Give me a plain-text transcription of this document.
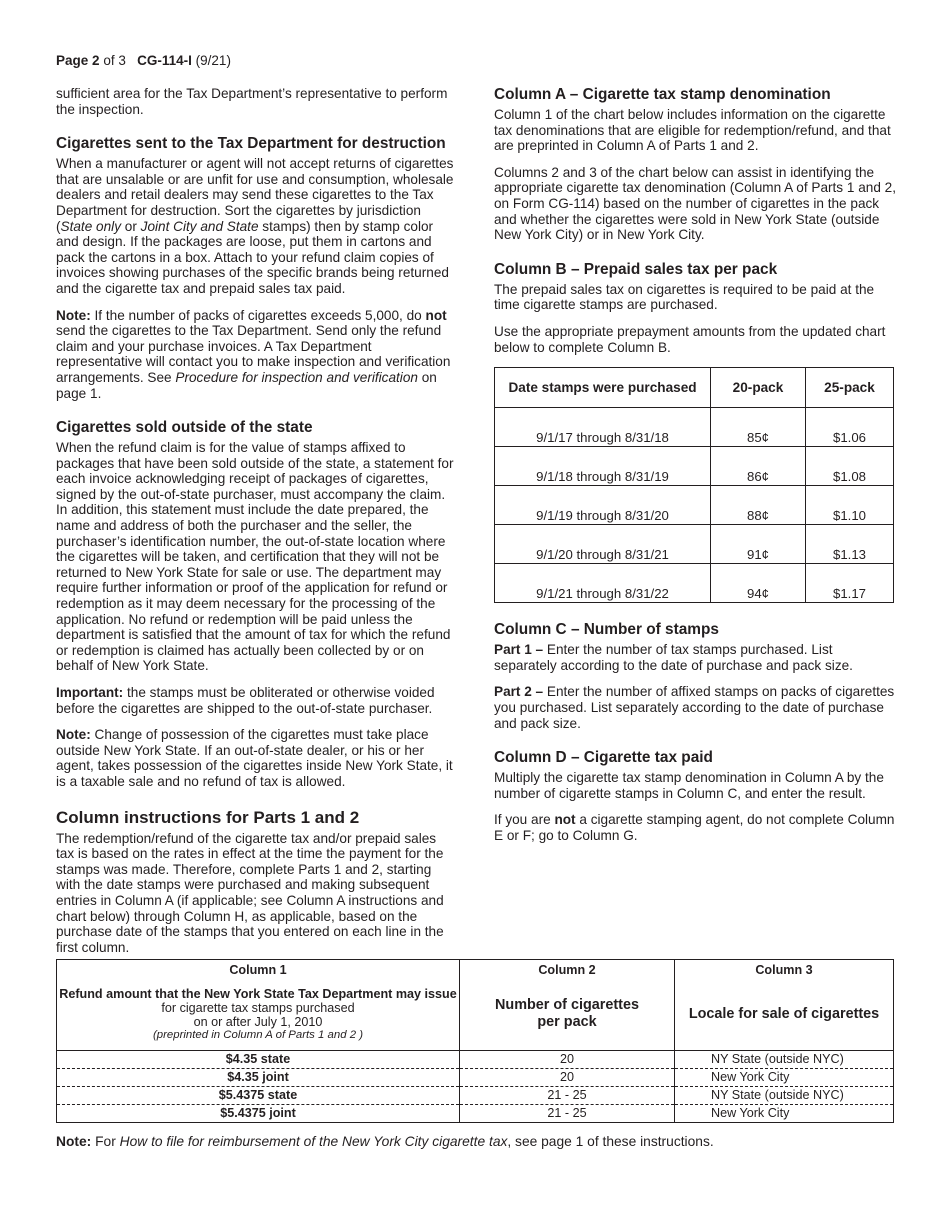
Page 2 of 3 CG-114-I (9/21)

sufficient area for the Tax Department’s representative to perform the inspection.

Cigarettes sent to the Tax Department for destruction

When a manufacturer or agent will not accept returns of cigarettes that are unsalable or are unfit for use and consumption, wholesale dealers and retail dealers may send these cigarettes to the Tax Department for destruction. Sort the cigarettes by jurisdiction (State only or Joint City and State stamps) then by stamp color and design. If the packages are loose, put them in cartons and pack the cartons in a box. Attach to your refund claim copies of invoices showing purchases of the specific brands being returned and the cigarette tax and prepaid sales tax paid.

Note: If the number of packs of cigarettes exceeds 5,000, do not send the cigarettes to the Tax Department. Send only the refund claim and your purchase invoices. A Tax Department representative will contact you to make inspection and verification arrangements. See Procedure for inspection and verification on page 1.

Cigarettes sold outside of the state

When the refund claim is for the value of stamps affixed to packages that have been sold outside of the state, a statement for each invoice acknowledging receipt of packages of cigarettes, signed by the out-of-state purchaser, must accompany the claim. In addition, this statement must include the date prepared, the name and address of both the purchaser and the seller, the purchaser’s identification number, the out-of-state location where the cigarettes will be taken, and certification that they will not be returned to New York State for sale or use. The department may require further information or proof of the application for refund or redemption as it may deem necessary for the processing of the application. No refund or redemption will be paid unless the department is satisfied that the amount of tax for which the refund or redemption is claimed has actually been collected by or on behalf of New York State.

Important: the stamps must be obliterated or otherwise voided before the cigarettes are shipped to the out-of-state purchaser.

Note: Change of possession of the cigarettes must take place outside New York State. If an out-of-state dealer, or his or her agent, takes possession of the cigarettes inside New York State, it is a taxable sale and no refund of tax is allowed.

Column instructions for Parts 1 and 2

The redemption/refund of the cigarette tax and/or prepaid sales tax is based on the rates in effect at the time the payment for the stamps was made. Therefore, complete Parts 1 and 2, starting with the date stamps were purchased and making subsequent entries in Column A (if applicable; see Column A instructions and chart below) through Column H, as applicable, based on the purchase date of the stamps that you entered on each line in the first column.

Column A – Cigarette tax stamp denomination

Column 1 of the chart below includes information on the cigarette tax denominations that are eligible for redemption/refund, and that are preprinted in Column A of Parts 1 and 2.

Columns 2 and 3 of the chart below can assist in identifying the appropriate cigarette tax denomination (Column A of Parts 1 and 2, on Form CG-114) based on the number of cigarettes in the pack and whether the cigarettes were sold in New York State (outside New York City) or in New York City.

Column B – Prepaid sales tax per pack

The prepaid sales tax on cigarettes is required to be paid at the time cigarette stamps are purchased.

Use the appropriate prepayment amounts from the updated chart below to complete Column B.

Date stamps were purchased	20-pack	25-pack
9/1/17 through 8/31/18	85¢	$1.06
9/1/18 through 8/31/19	86¢	$1.08
9/1/19 through 8/31/20	88¢	$1.10
9/1/20 through 8/31/21	91¢	$1.13
9/1/21 through 8/31/22	94¢	$1.17
Column C – Number of stamps

Part 1 – Enter the number of tax stamps purchased. List separately according to the date of purchase and pack size.

Part 2 – Enter the number of affixed stamps on packs of cigarettes you purchased. List separately according to the date of purchase and pack size.

Column D – Cigarette tax paid

Multiply the cigarette tax stamp denomination in Column A by the number of cigarette stamps in Column C, and enter the result.

If you are not a cigarette stamping agent, do not complete Column E or F; go to Column G.

Column 1	Column 2	Column 3

Refund amount that the New York State Tax Department may issue
for cigarette tax stamps purchased
on or after July 1, 2010
(preprinted in Column A of Parts 1 and 2 )	Number of cigarettes per pack	Locale for sale of cigarettes

$4.35 state	20	NY State (outside NYC)
$4.35 joint	20	New York City
$5.4375 state	21 - 25	NY State (outside NYC)
$5.4375 joint	21 - 25	New York City
Note: For How to file for reimbursement of the New York City cigarette tax, see page 1 of these instructions.
